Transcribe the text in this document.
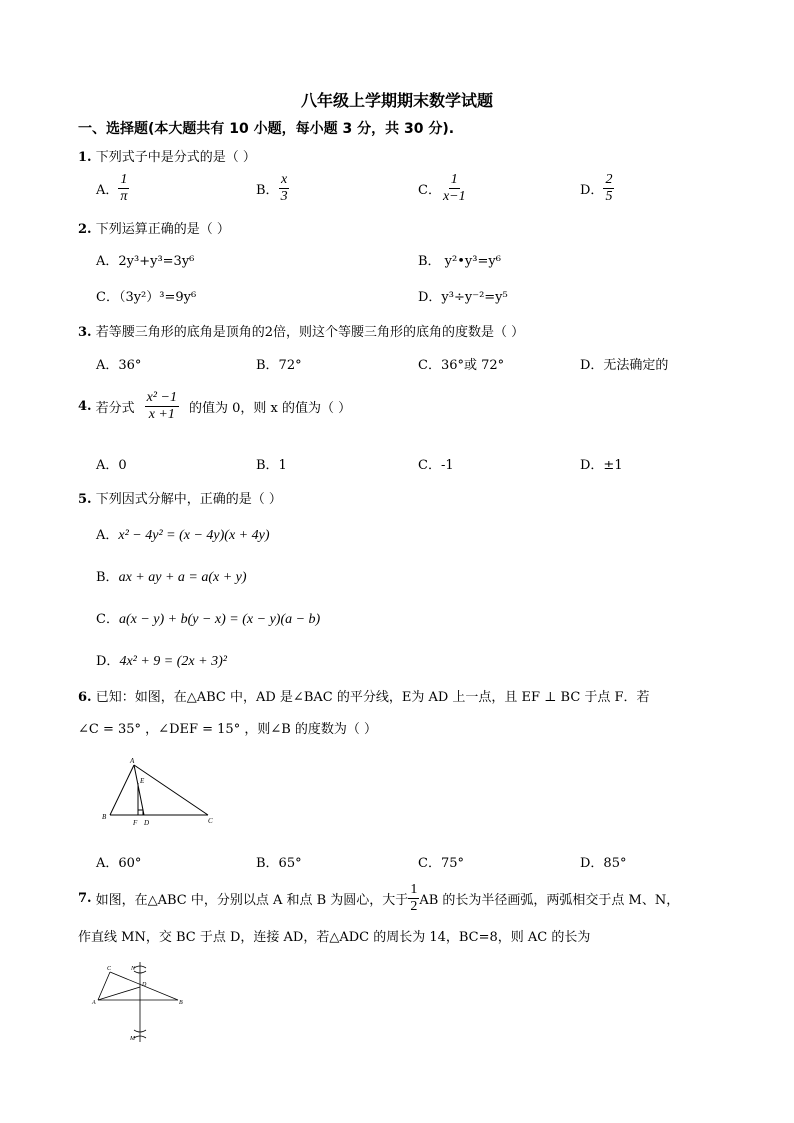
八年级上学期期末数学试题
一、选择题(本大题共有 10 小题，每小题 3 分，共 30 分).
1. 下列式子中是分式的是（ ）
A． $\frac{1}{\pi}$	B． $\frac{x}{3}$	C． $\frac{1}{x-1}$	D． $\frac{2}{5}$
2. 下列运算正确的是（ ）
A．2y³+y³=3y⁶	B． y²•y³=y⁶
C．（3y²）³=9y⁶	D．y³÷y⁻²=y⁵
3. 若等腰三角形的底角是顶角的2倍，则这个等腰三角形的底角的度数是（ ）
A．36°	B．72°	C．36°或 72°	D．无法确定的
4. 若分式 $\frac{\text{x² −1}}{x +1}$ 的值为 0，则 x 的值为（ ）
A．0	B．1	C．-1	D．±1
5. 下列因式分解中，正确的是（ ）
A．x² − 4y² = (x − 4y)(x + 4y)
B．ax + ay + a = a(x + y)
C．a(x − y) + b(y − x) = (x − y)(a − b)
D．4x² + 9 = (2x + 3)²
6. 已知：如图，在△ABC 中，AD 是∠BAC 的平分线，E为 AD 上一点，且 EF ⊥ BC 于点 F．若
∠C = 35° ，∠DEF = 15° ，则∠B 的度数为（ ）
A
B	C
D
E
F
A．60°	B．65°	C．75°	D．85°
7. 如图，在△ABC 中，分别以点 A 和点 B 为圆心，大于 $\frac{1}{2}$ AB 的长为半径画弧，两弧相交于点 M、N，
作直线 MN，交 BC 于点 D，连接 AD，若△ADC 的周长为 14，BC=8，则 AC 的长为
C
A	B
D
N
M
